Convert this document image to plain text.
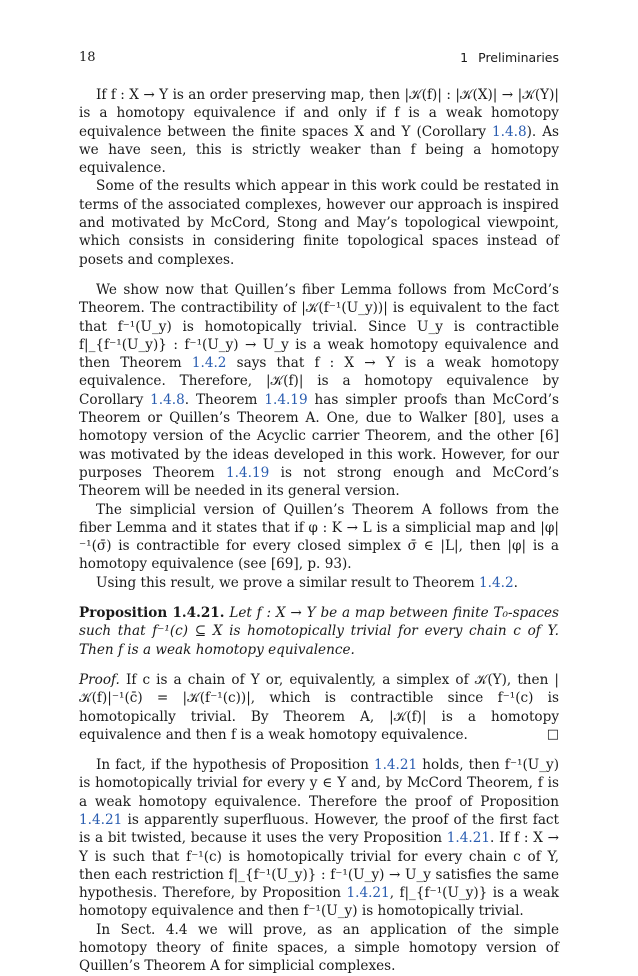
18	1 Preliminaries

If f : X → Y is an order preserving map, then |𝒦(f)| : |𝒦(X)| → |𝒦(Y)| is a homotopy equivalence if and only if f is a weak homotopy equivalence between the finite spaces X and Y (Corollary 1.4.8). As we have seen, this is strictly weaker than f being a homotopy equivalence.

Some of the results which appear in this work could be restated in terms of the associated complexes, however our approach is inspired and motivated by McCord, Stong and May’s topological viewpoint, which consists in considering finite topological spaces instead of posets and complexes.

We show now that Quillen’s fiber Lemma follows from McCord’s Theorem. The contractibility of |𝒦(f⁻¹(U_y))| is equivalent to the fact that f⁻¹(U_y) is homotopically trivial. Since U_y is contractible f|_{f⁻¹(U_y)} : f⁻¹(U_y) → U_y is a weak homotopy equivalence and then Theorem 1.4.2 says that f : X → Y is a weak homotopy equivalence. Therefore, |𝒦(f)| is a homotopy equivalence by Corollary 1.4.8. Theorem 1.4.19 has simpler proofs than McCord’s Theorem or Quillen’s Theorem A. One, due to Walker [80], uses a homotopy version of the Acyclic carrier Theorem, and the other [6] was motivated by the ideas developed in this work. However, for our purposes Theorem 1.4.19 is not strong enough and McCord’s Theorem will be needed in its general version.

The simplicial version of Quillen’s Theorem A follows from the fiber Lemma and it states that if φ : K → L is a simplicial map and |φ|⁻¹(σ̄) is contractible for every closed simplex σ̄ ∈ |L|, then |φ| is a homotopy equivalence (see [69], p. 93).

Using this result, we prove a similar result to Theorem 1.4.2.

Proposition 1.4.21. Let f : X → Y be a map between finite T₀-spaces such that f⁻¹(c) ⊆ X is homotopically trivial for every chain c of Y. Then f is a weak homotopy equivalence.

Proof. If c is a chain of Y or, equivalently, a simplex of 𝒦(Y), then |𝒦(f)|⁻¹(c̄) = |𝒦(f⁻¹(c))|, which is contractible since f⁻¹(c) is homotopically trivial. By Theorem A, |𝒦(f)| is a homotopy equivalence and then f is a weak homotopy equivalence.	□

In fact, if the hypothesis of Proposition 1.4.21 holds, then f⁻¹(U_y) is homotopically trivial for every y ∈ Y and, by McCord Theorem, f is a weak homotopy equivalence. Therefore the proof of Proposition 1.4.21 is apparently superfluous. However, the proof of the first fact is a bit twisted, because it uses the very Proposition 1.4.21. If f : X → Y is such that f⁻¹(c) is homotopically trivial for every chain c of Y, then each restriction f|_{f⁻¹(U_y)} : f⁻¹(U_y) → U_y satisfies the same hypothesis. Therefore, by Proposition 1.4.21, f|_{f⁻¹(U_y)} is a weak homotopy equivalence and then f⁻¹(U_y) is homotopically trivial.

In Sect. 4.4 we will prove, as an application of the simple homotopy theory of finite spaces, a simple homotopy version of Quillen’s Theorem A for simplicial complexes.
